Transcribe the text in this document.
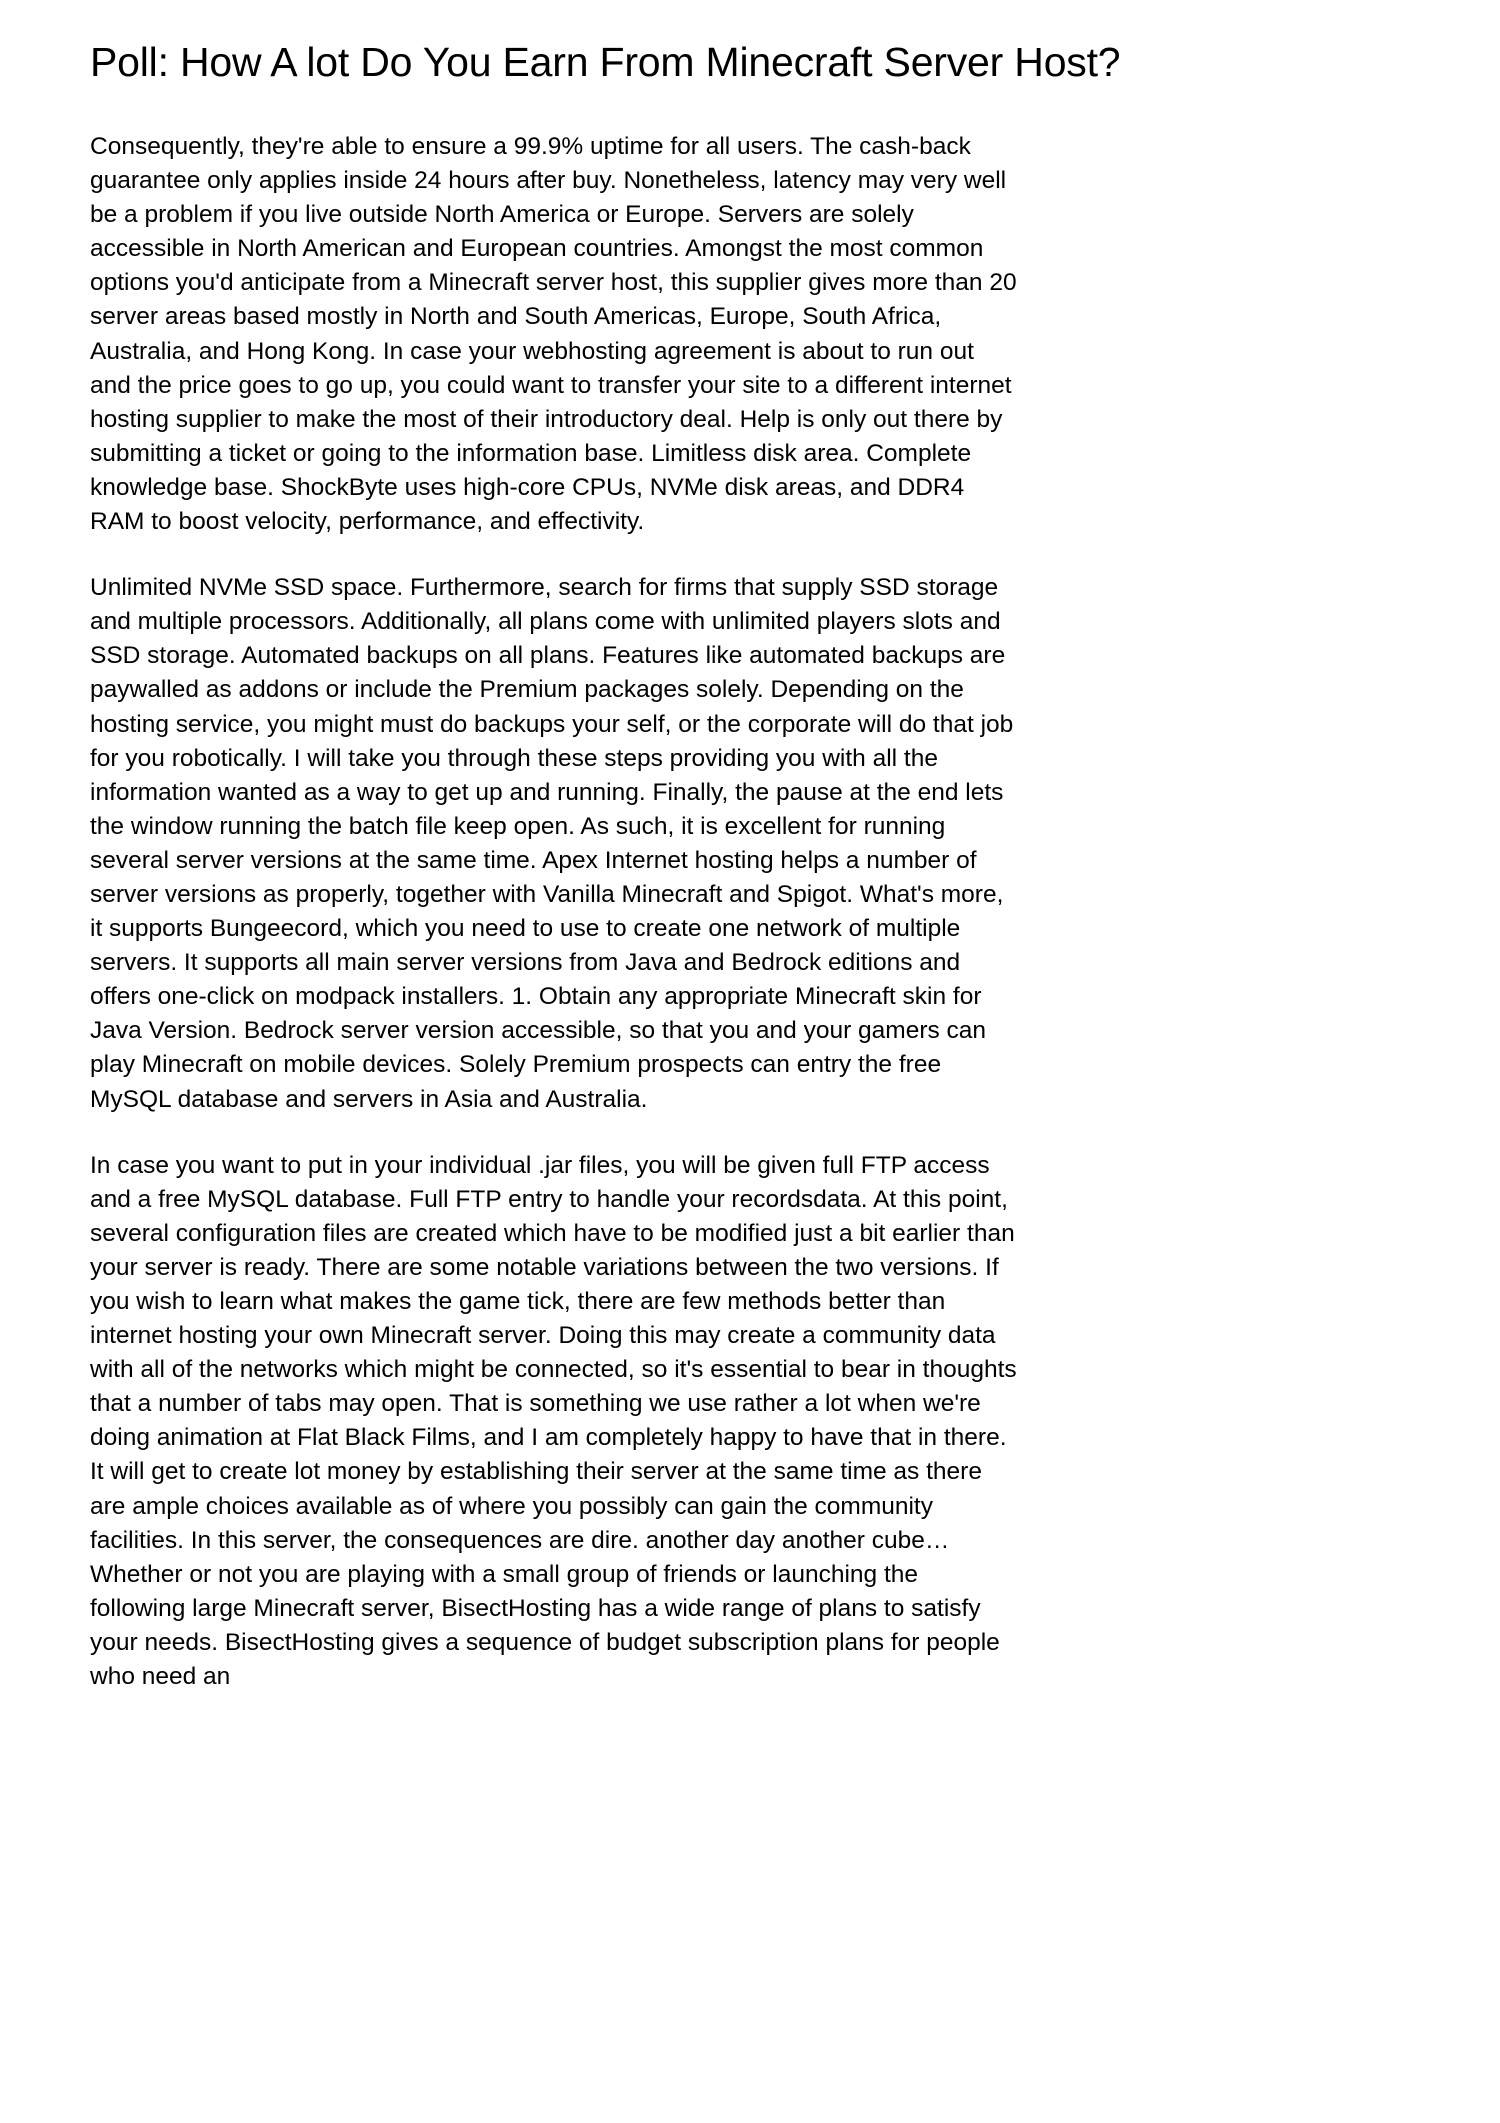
Poll: How A lot Do You Earn From Minecraft Server Host?

Consequently, they're able to ensure a 99.9% uptime for all users. The cash-back guarantee only applies inside 24 hours after buy. Nonetheless, latency may very well be a problem if you live outside North America or Europe. Servers are solely accessible in North American and European countries. Amongst the most common options you'd anticipate from a Minecraft server host, this supplier gives more than 20 server areas based mostly in North and South Americas, Europe, South Africa, Australia, and Hong Kong. In case your webhosting agreement is about to run out and the price goes to go up, you could want to transfer your site to a different internet hosting supplier to make the most of their introductory deal. Help is only out there by submitting a ticket or going to the information base. Limitless disk area. Complete knowledge base. ShockByte uses high-core CPUs, NVMe disk areas, and DDR4 RAM to boost velocity, performance, and effectivity.

Unlimited NVMe SSD space. Furthermore, search for firms that supply SSD storage and multiple processors. Additionally, all plans come with unlimited players slots and SSD storage. Automated backups on all plans. Features like automated backups are paywalled as addons or include the Premium packages solely. Depending on the hosting service, you might must do backups your self, or the corporate will do that job for you robotically. I will take you through these steps providing you with all the information wanted as a way to get up and running. Finally, the pause at the end lets the window running the batch file keep open. As such, it is excellent for running several server versions at the same time. Apex Internet hosting helps a number of server versions as properly, together with Vanilla Minecraft and Spigot. What's more, it supports Bungeecord, which you need to use to create one network of multiple servers. It supports all main server versions from Java and Bedrock editions and offers one-click on modpack installers. 1. Obtain any appropriate Minecraft skin for Java Version. Bedrock server version accessible, so that you and your gamers can play Minecraft on mobile devices. Solely Premium prospects can entry the free MySQL database and servers in Asia and Australia.

In case you want to put in your individual .jar files, you will be given full FTP access and a free MySQL database. Full FTP entry to handle your recordsdata. At this point, several configuration files are created which have to be modified just a bit earlier than your server is ready. There are some notable variations between the two versions. If you wish to learn what makes the game tick, there are few methods better than internet hosting your own Minecraft server. Doing this may create a community data with all of the networks which might be connected, so it's essential to bear in thoughts that a number of tabs may open. That is something we use rather a lot when we're doing animation at Flat Black Films, and I am completely happy to have that in there. It will get to create lot money by establishing their server at the same time as there are ample choices available as of where you possibly can gain the community facilities. In this server, the consequences are dire. another day another cube… Whether or not you are playing with a small group of friends or launching the following large Minecraft server, BisectHosting has a wide range of plans to satisfy your needs. BisectHosting gives a sequence of budget subscription plans for people who need an
